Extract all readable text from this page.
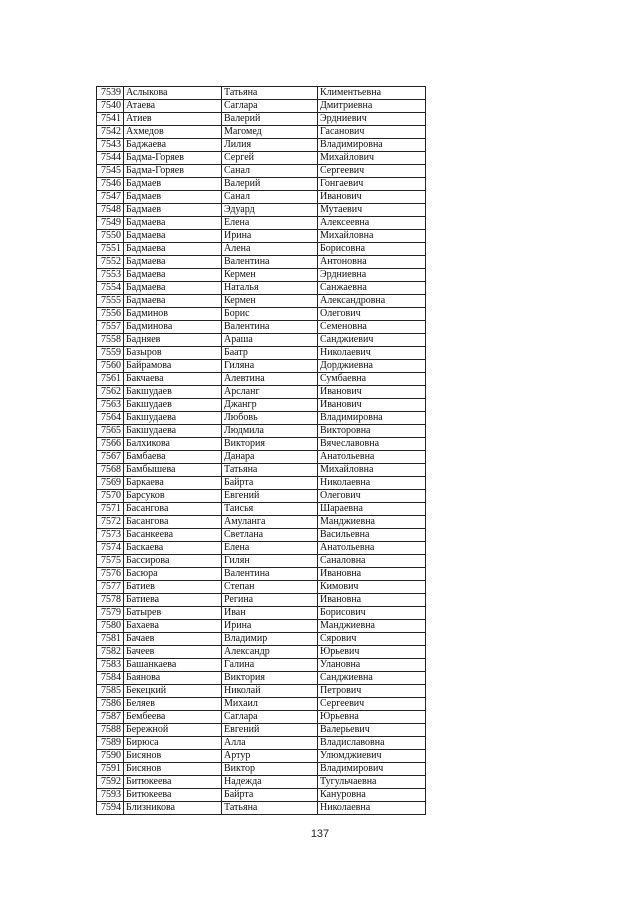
7539	Аслыкова	Татьяна	Климентьевна
7540	Атаева	Саглара	Дмитриевна
7541	Атиев	Валерий	Эрдниевич
7542	Ахмедов	Магомед	Гасанович
7543	Баджаева	Лилия	Владимировна
7544	Бадма-Горяев	Сергей	Михайлович
7545	Бадма-Горяев	Санал	Сергеевич
7546	Бадмаев	Валерий	Гонгаевич
7547	Бадмаев	Санал	Иванович
7548	Бадмаев	Эдуард	Мутаевич
7549	Бадмаева	Елена	Алексеевна
7550	Бадмаева	Ирина	Михайловна
7551	Бадмаева	Алена	Борисовна
7552	Бадмаева	Валентина	Антоновна
7553	Бадмаева	Кермен	Эрдниевна
7554	Бадмаева	Наталья	Санжаевна
7555	Бадмаева	Кермен	Александровна
7556	Бадминов	Борис	Олегович
7557	Бадминова	Валентина	Семеновна
7558	Бадняев	Араша	Санджиевич
7559	Базыров	Баатр	Николаевич
7560	Байрамова	Гиляна	Дорджиевна
7561	Бакчаева	Алевтина	Сумбаевна
7562	Бакшудаев	Арсланг	Иванович
7563	Бакшудаев	Джангр	Иванович
7564	Бакшудаева	Любовь	Владимировна
7565	Бакшудаева	Людмила	Викторовна
7566	Балхикова	Виктория	Вячеславовна
7567	Бамбаева	Данара	Анатольевна
7568	Бамбышева	Татьяна	Михайловна
7569	Баркаева	Байрта	Николаевна
7570	Барсуков	Евгений	Олегович
7571	Басангова	Таисья	Шараевна
7572	Басангова	Амуланга	Манджиевна
7573	Басанкеева	Светлана	Васильевна
7574	Баскаева	Елена	Анатольевна
7575	Бассирова	Гилян	Саналовна
7576	Басюра	Валентина	Ивановна
7577	Батиев	Степан	Кимович
7578	Батиева	Регина	Ивановна
7579	Батырев	Иван	Борисович
7580	Бахаева	Ирина	Манджиевна
7581	Бачаев	Владимир	Сярович
7582	Бачеев	Александр	Юрьевич
7583	Башанкаева	Галина	Улановна
7584	Баянова	Виктория	Санджиевна
7585	Бекецкий	Николай	Петрович
7586	Беляев	Михаил	Сергеевич
7587	Бембеева	Саглара	Юрьевна
7588	Бережной	Евгений	Валерьевич
7589	Бирюса	Алла	Владиславовна
7590	Бисянов	Артур	Улюмджиевич
7591	Бисянов	Виктор	Владимирович
7592	Битюкеева	Надежда	Тугульчаевна
7593	Битюкеева	Байрта	Кануровна
7594	Близникова	Татьяна	Николаевна
137
